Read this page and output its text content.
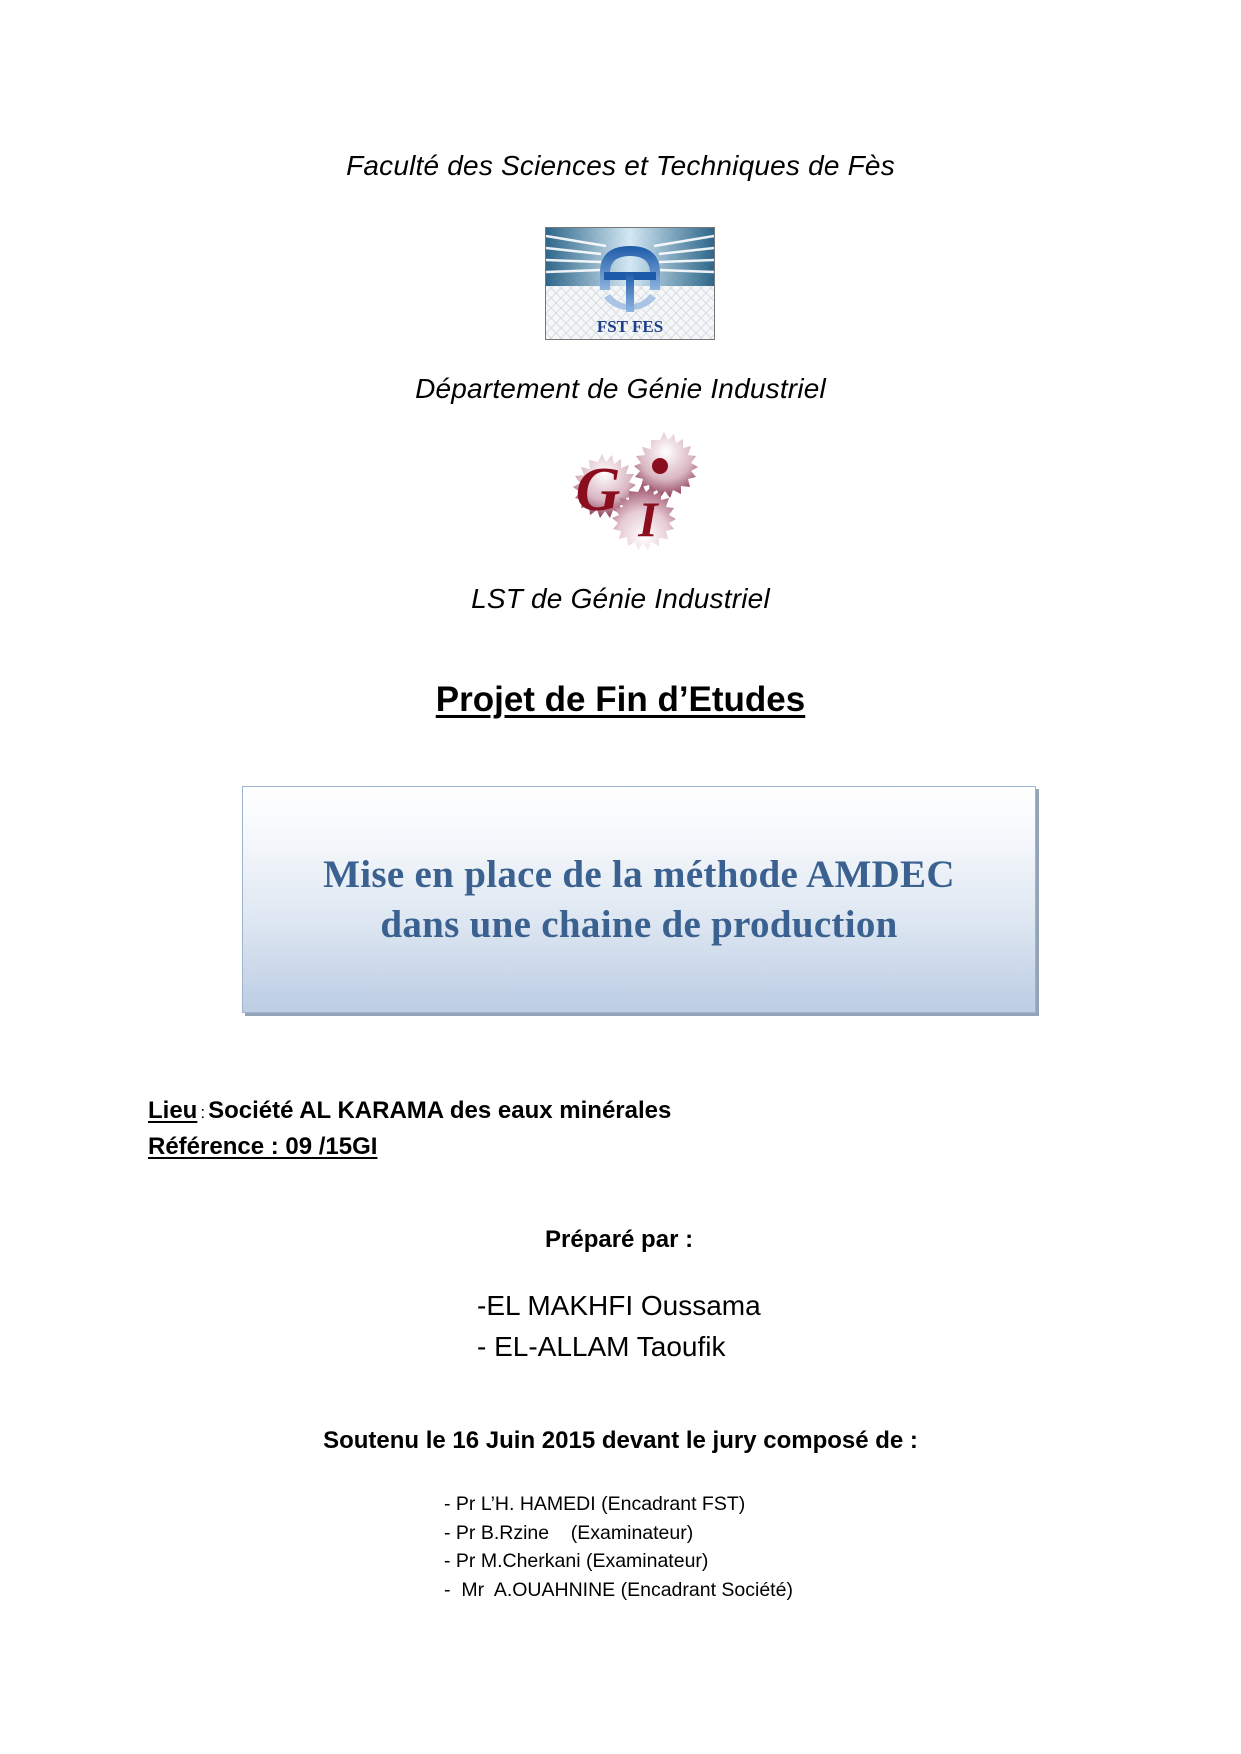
Faculté des Sciences et Techniques de Fès
FST FES
Département de Génie Industriel
G I
LST de Génie Industriel
Projet de Fin d’Etudes
Mise en place de la méthode AMDEC
dans une chaine de production
Lieu : Société AL KARAMA des eaux minérales
Référence : 09 /15GI
Préparé par :
-EL MAKHFI Oussama
- EL-ALLAM Taoufik
Soutenu le 16 Juin 2015 devant le jury composé de :
- Pr L’H. HAMEDI (Encadrant FST)
- Pr B.Rzine    (Examinateur)
- Pr M.Cherkani (Examinateur)
-  Mr  A.OUAHNINE (Encadrant Société)
